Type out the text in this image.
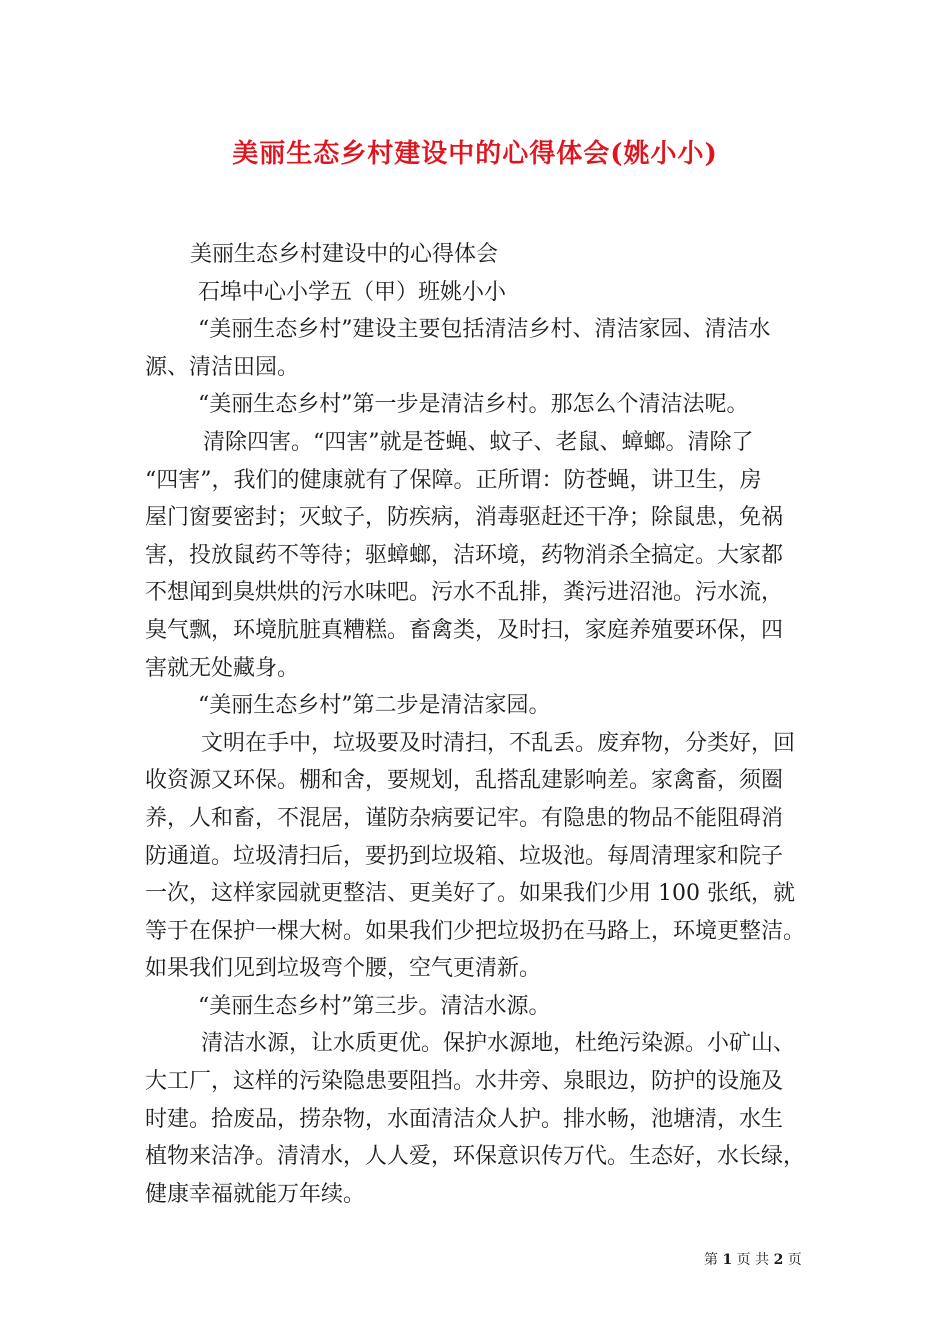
美丽生态乡村建设中的心得体会(姚小小)
美丽生态乡村建设中的心得体会
石埠中心小学五（甲）班姚小小
“美丽生态乡村”建设主要包括清洁乡村、清洁家园、清洁水
源、清洁田园。
“美丽生态乡村”第一步是清洁乡村。那怎么个清洁法呢。
清除四害。“四害”就是苍蝇、蚊子、老鼠、蟑螂。清除了
“四害”，我们的健康就有了保障。正所谓：防苍蝇，讲卫生，房
屋门窗要密封；灭蚊子，防疾病，消毒驱赶还干净；除鼠患，免祸
害，投放鼠药不等待；驱蟑螂，洁环境，药物消杀全搞定。大家都
不想闻到臭烘烘的污水味吧。污水不乱排，粪污进沼池。污水流，
臭气飘，环境肮脏真糟糕。畜禽类，及时扫，家庭养殖要环保，四
害就无处藏身。
“美丽生态乡村”第二步是清洁家园。
文明在手中，垃圾要及时清扫，不乱丢。废弃物，分类好，回
收资源又环保。棚和舍，要规划，乱搭乱建影响差。家禽畜，须圈
养，人和畜，不混居，谨防杂病要记牢。有隐患的物品不能阻碍消
防通道。垃圾清扫后，要扔到垃圾箱、垃圾池。每周清理家和院子
一次，这样家园就更整洁、更美好了。如果我们少用 100 张纸，就
等于在保护一棵大树。如果我们少把垃圾扔在马路上，环境更整洁。
如果我们见到垃圾弯个腰，空气更清新。
“美丽生态乡村”第三步。清洁水源。
清洁水源，让水质更优。保护水源地，杜绝污染源。小矿山、
大工厂，这样的污染隐患要阻挡。水井旁、泉眼边，防护的设施及
时建。拾废品，捞杂物，水面清洁众人护。排水畅，池塘清，水生
植物来洁净。清清水，人人爱，环保意识传万代。生态好，水长绿，
健康幸福就能万年续。
第 1 页 共 2 页
